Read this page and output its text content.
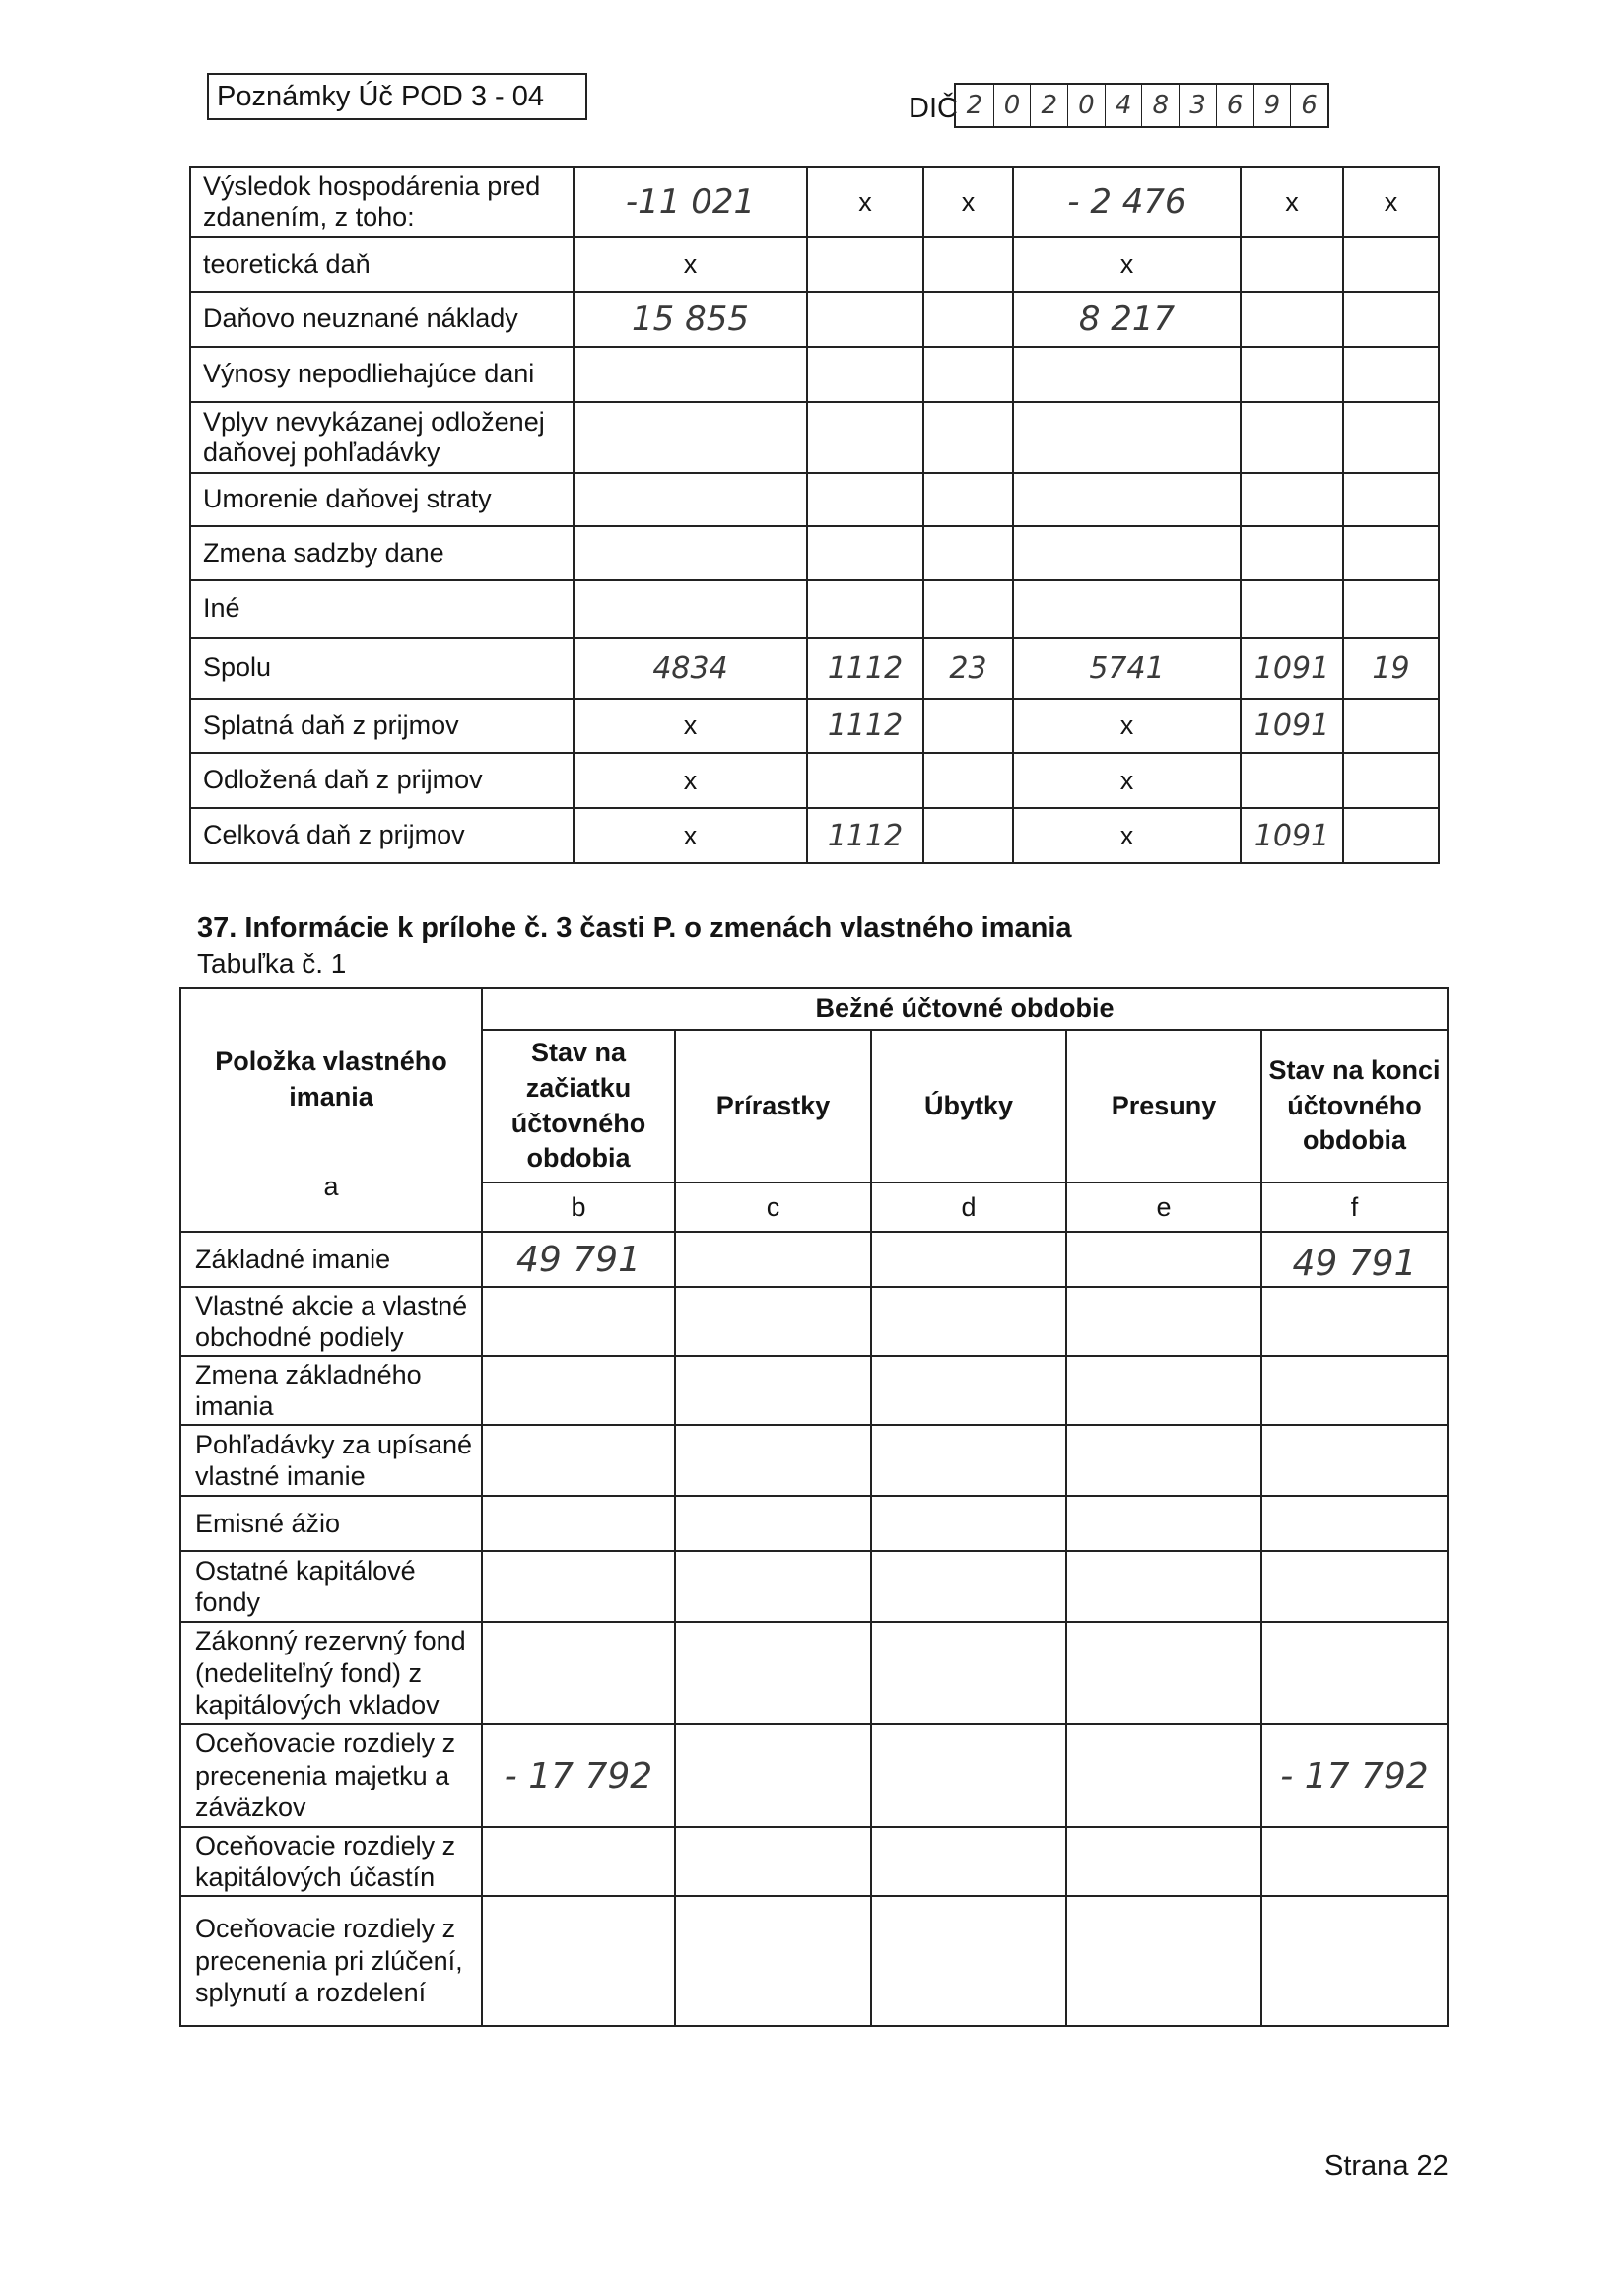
Poznámky Úč POD 3 - 04	DIČ 2 0 2 0 4 8 3 6 9 6
Výsledok hospodárenia pred zdanením, z toho:	-11 021	x	x	- 2 476	x	x
teoretická daň	x			x		
Daňovo neuznané náklady	15 855			8 217		
Výnosy nepodliehajúce dani						
Vplyv nevykázanej odloženej daňovej pohľadávky						
Umorenie daňovej straty						
Zmena sadzby dane						
Iné						
Spolu	4834	1112	23	5741	1091	19
Splatná daň z prijmov	x	1112		x	1091	
Odložená daň z prijmov	x			x		
Celková daň z prijmov	x	1112		x	1091	
37. Informácie k prílohe č. 3 časti P. o zmenách vlastného imania
Tabuľka č. 1
Položka vlastného imania
a	Bežné účtovné obdobie				
	Stav na začiatku účtovného obdobia	Prírastky	Úbytky	Presuny	Stav na konci účtovného obdobia
	b	c	d	e	f
Základné imanie	49 791				49 791
Vlastné akcie a vlastné obchodné podiely					
Zmena základného imania					
Pohľadávky za upísané vlastné imanie					
Emisné ážio					
Ostatné kapitálové fondy					
Zákonný rezervný fond (nedeliteľný fond) z kapitálových vkladov					
Oceňovacie rozdiely z precenenia majetku a záväzkov	- 17 792				- 17 792
Oceňovacie rozdiely z kapitálových účastín					
Oceňovacie rozdiely z precenenia pri zlúčení, splynutí a rozdelení					
Strana 22
